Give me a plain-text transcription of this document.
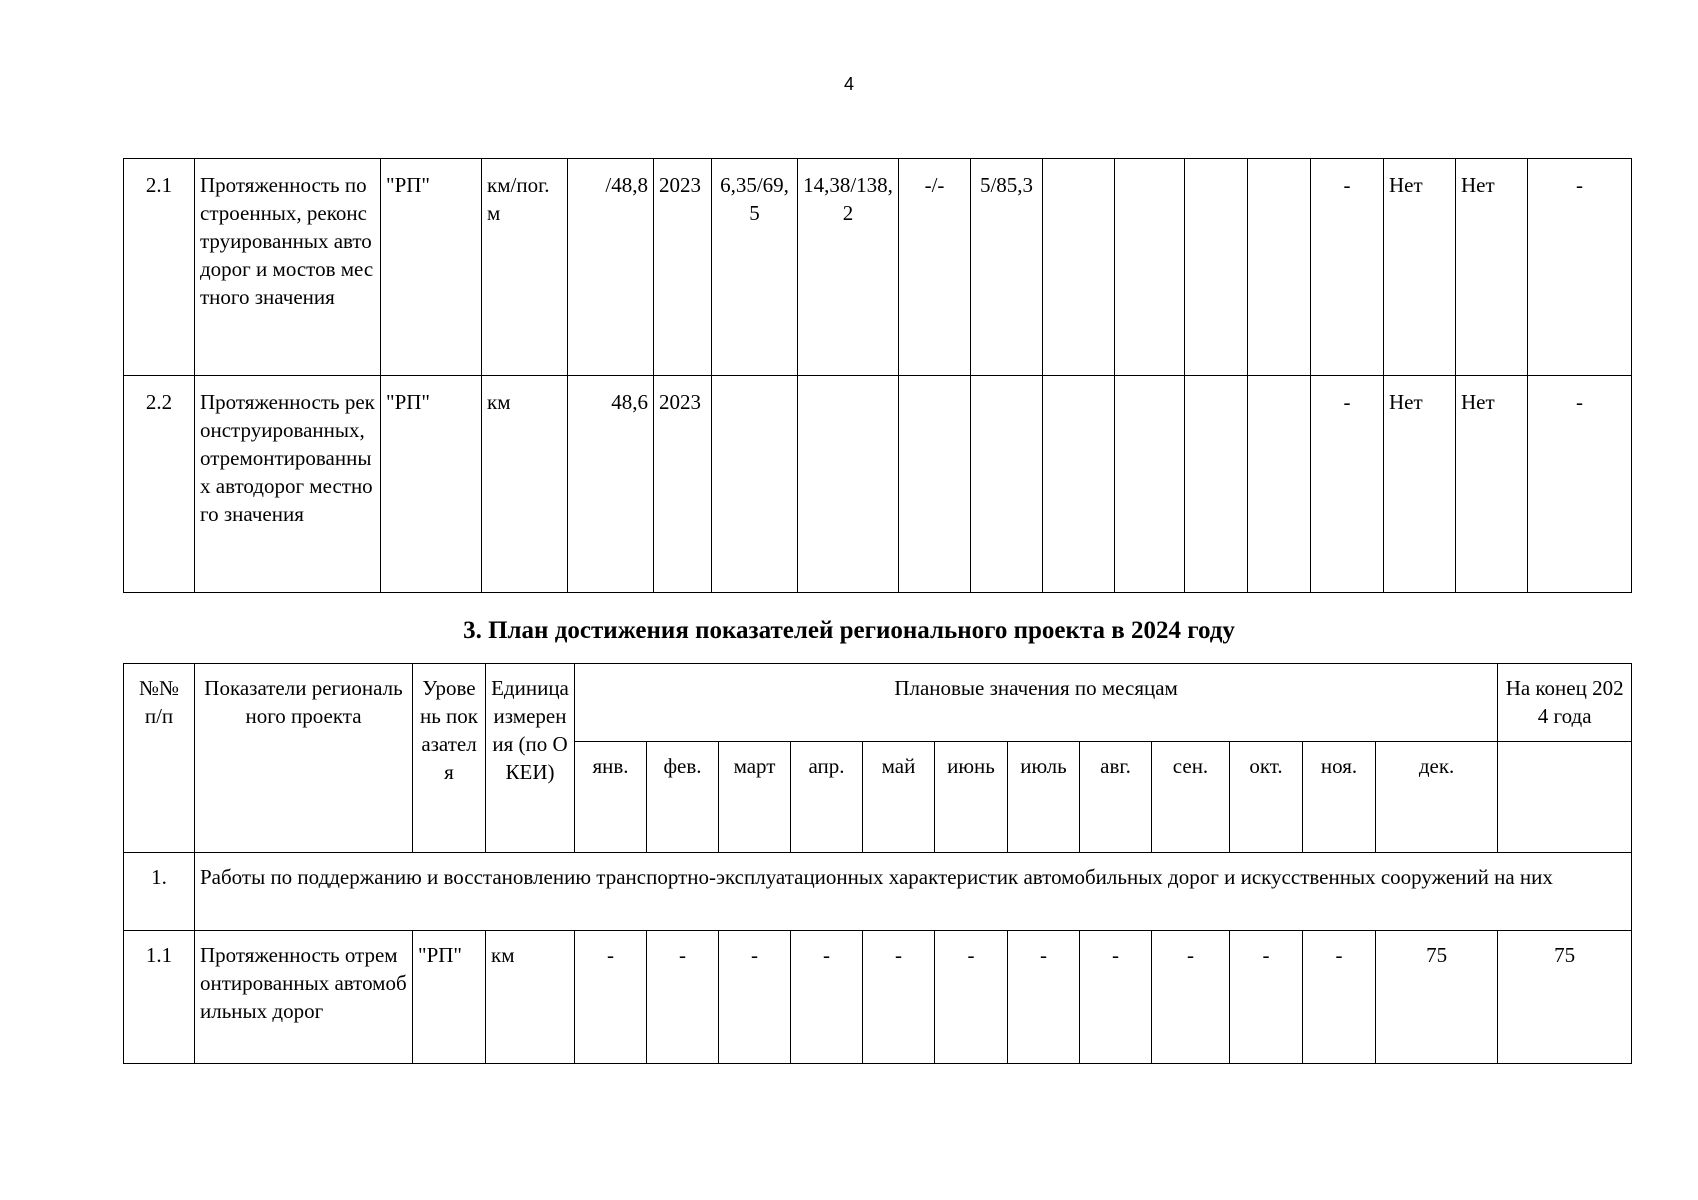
4
2.1	Протяженность построенных, реконструированных автодорог и мостов местного значения	"РП"	км/пог. м	/48,8	2023	6,35/69,5	14,38/138,2	-/-	5/85,3					-	Нет	Нет	-
2.2	Протяженность реконструированных, отремонтированных автодорог местного значения	"РП"	км	48,6	2023									-	Нет	Нет	-
3. План достижения показателей регионального проекта в 2024 году
№№ п/п	Показатели регионального проекта	Уровень показателя	Единица измерения (по ОКЕИ)	Плановые значения по месяцам												На конец 2024 года
				янв.	фев.	март	апр.	май	июнь	июль	авг.	сен.	окт.	ноя.	дек.	
1.	Работы по поддержанию и восстановлению транспортно-эксплуатационных характеристик автомобильных дорог и искусственных сооружений на них															
1.1	Протяженность отремонтированных автомобильных дорог	"РП"	км	-	-	-	-	-	-	-	-	-	-	-	75	75
